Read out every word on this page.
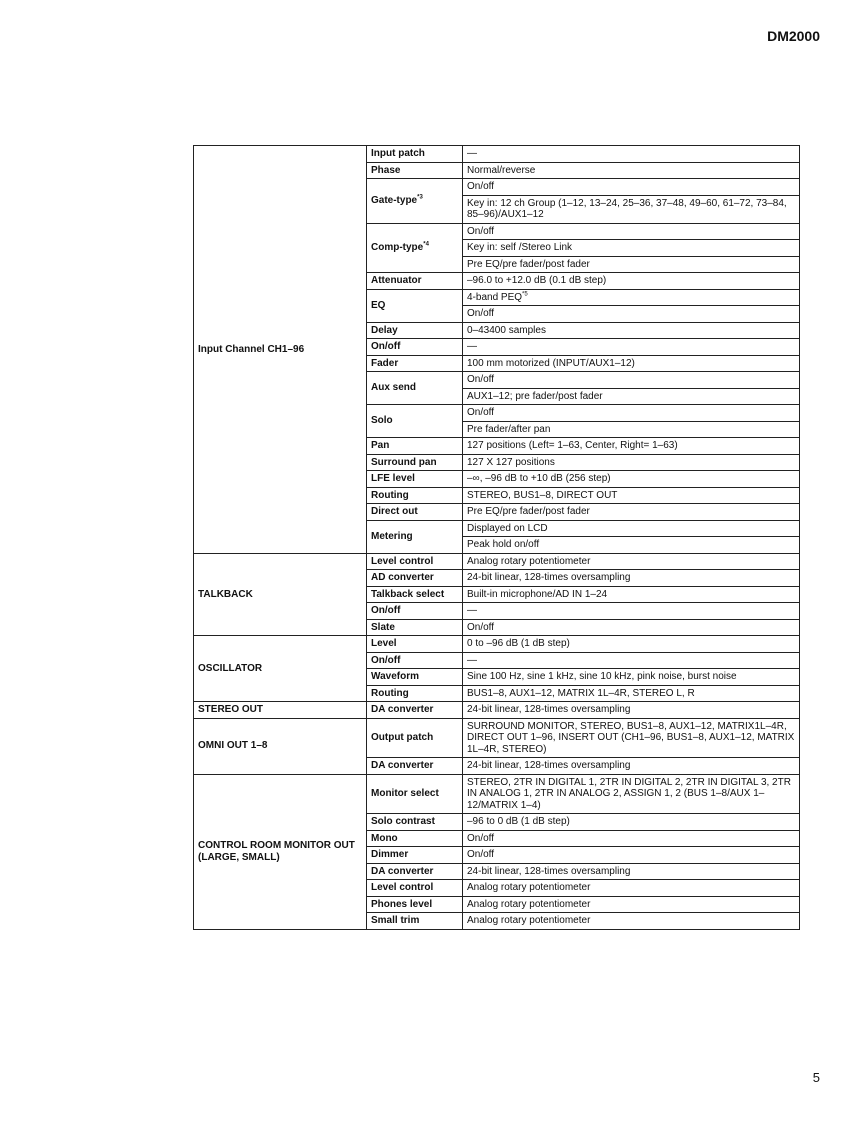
DM2000
Input Channel CH1–96	Input patch	—
	Phase	Normal/reverse
	Gate-type$^{*3}$	On/off
		Key in: 12 ch Group (1–12, 13–24, 25–36, 37–48, 49–60, 61–72, 73–84, 85–96)/AUX1–12
	Comp-type$^{*4}$	On/off
		Key in: self /Stereo Link
		Pre EQ/pre fader/post fader
	Attenuator	–96.0 to +12.0 dB (0.1 dB step)
	EQ	4-band PEQ$^{*5}$
		On/off
	Delay	0–43400 samples
	On/off	—
	Fader	100 mm motorized (INPUT/AUX1–12)
	Aux send	On/off
		AUX1–12; pre fader/post fader
	Solo	On/off
		Pre fader/after pan
	Pan	127 positions (Left= 1–63, Center, Right= 1–63)
	Surround pan	127 X 127 positions
	LFE level	–∞, –96 dB to +10 dB (256 step)
	Routing	STEREO, BUS1–8, DIRECT OUT
	Direct out	Pre EQ/pre fader/post fader
	Metering	Displayed on LCD
		Peak hold on/off
TALKBACK	Level control	Analog rotary potentiometer
	AD converter	24-bit linear, 128-times oversampling
	Talkback select	Built-in microphone/AD IN 1–24
	On/off	—
	Slate	On/off
OSCILLATOR	Level	0 to –96 dB (1 dB step)
	On/off	—
	Waveform	Sine 100 Hz, sine 1 kHz, sine 10 kHz, pink noise, burst noise
	Routing	BUS1–8, AUX1–12, MATRIX 1L–4R, STEREO L, R
STEREO OUT	DA converter	24-bit linear, 128-times oversampling
OMNI OUT 1–8	Output patch	SURROUND MONITOR, STEREO, BUS1–8, AUX1–12, MATRIX1L–4R, DIRECT OUT 1–96, INSERT OUT (CH1–96, BUS1–8, AUX1–12, MATRIX 1L–4R, STEREO)
	DA converter	24-bit linear, 128-times oversampling
CONTROL ROOM MONITOR OUT (LARGE, SMALL)	Monitor select	STEREO, 2TR IN DIGITAL 1, 2TR IN DIGITAL 2, 2TR IN DIGITAL 3, 2TR IN ANALOG 1, 2TR IN ANALOG 2, ASSIGN 1, 2 (BUS 1–8/AUX 1–12/MATRIX 1–4)
	Solo contrast	–96 to 0 dB (1 dB step)
	Mono	On/off
	Dimmer	On/off
	DA converter	24-bit linear, 128-times oversampling
	Level control	Analog rotary potentiometer
	Phones level	Analog rotary potentiometer
	Small trim	Analog rotary potentiometer
5
